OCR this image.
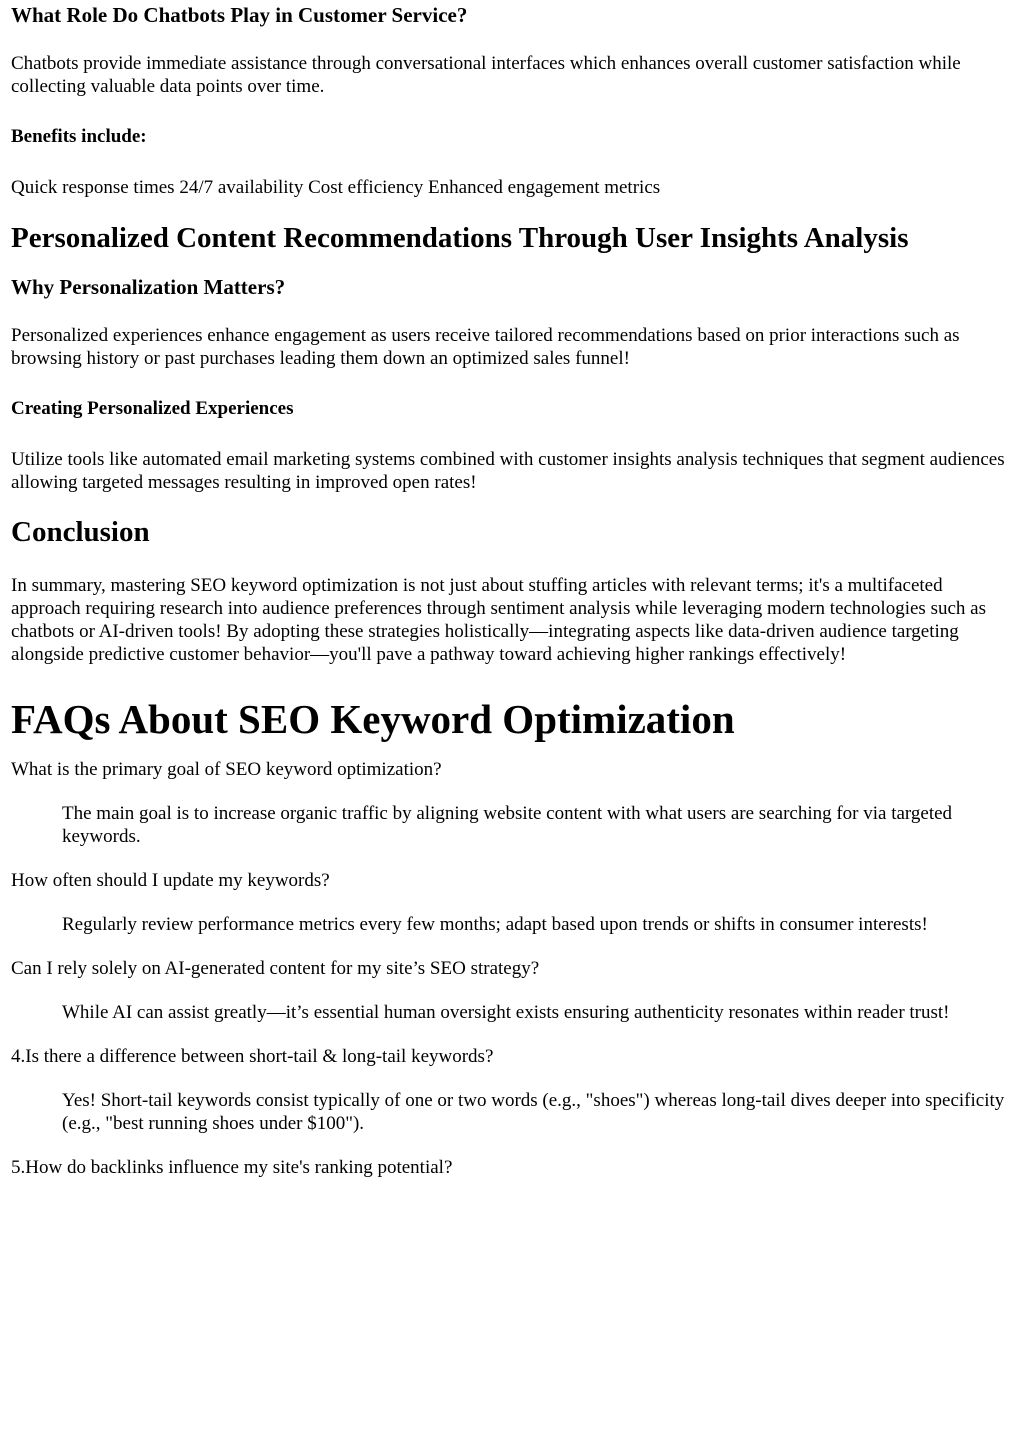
What Role Do Chatbots Play in Customer Service?

Chatbots provide immediate assistance through conversational interfaces which enhances overall customer satisfaction while collecting valuable data points over time.

Benefits include:

Quick response times 24/7 availability Cost efficiency Enhanced engagement metrics

Personalized Content Recommendations Through User Insights Analysis
Why Personalization Matters?

Personalized experiences enhance engagement as users receive tailored recommendations based on prior interactions such as browsing history or past purchases leading them down an optimized sales funnel!

Creating Personalized Experiences

Utilize tools like automated email marketing systems combined with customer insights analysis techniques that segment audiences allowing targeted messages resulting in improved open rates!

Conclusion

In summary, mastering SEO keyword optimization is not just about stuffing articles with relevant terms; it's a multifaceted approach requiring research into audience preferences through sentiment analysis while leveraging modern technologies such as chatbots or AI-driven tools! By adopting these strategies holistically—integrating aspects like data-driven audience targeting alongside predictive customer behavior—you'll pave a pathway toward achieving higher rankings effectively!

FAQs About SEO Keyword Optimization
What is the primary goal of SEO keyword optimization?
The main goal is to increase organic traffic by aligning website content with what users are searching for via targeted keywords.
How often should I update my keywords?
Regularly review performance metrics every few months; adapt based upon trends or shifts in consumer interests!
Can I rely solely on AI-generated content for my site’s SEO strategy?
While AI can assist greatly—it’s essential human oversight exists ensuring authenticity resonates within reader trust!
4.Is there a difference between short-tail & long-tail keywords?
Yes! Short-tail keywords consist typically of one or two words (e.g., "shoes") whereas long-tail dives deeper into specificity (e.g., "best running shoes under $100").
5.How do backlinks influence my site's ranking potential?
